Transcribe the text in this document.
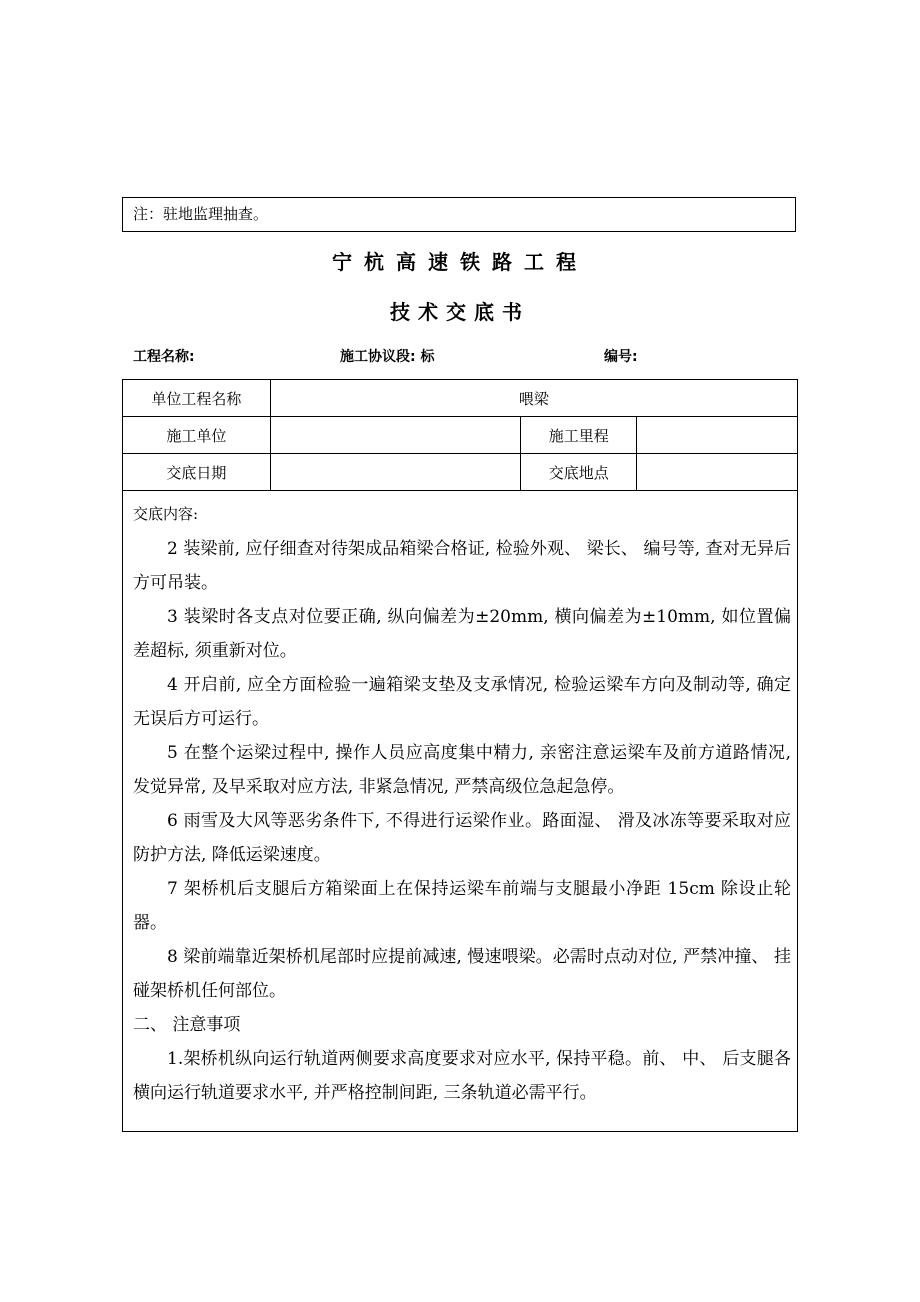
注：驻地监理抽查。
宁杭高速铁路工程
技术交底书
工程名称:	施工协议段: 标	编号:
单位工程名称	喂梁		
施工单位		施工里程	
交底日期		交底地点	
交底内容:

2 装梁前, 应仔细查对待架成品箱梁合格证, 检验外观、 梁长、 编号等, 查对无异后方可吊装。

3 装梁时各支点对位要正确, 纵向偏差为±20mm, 横向偏差为±10mm, 如位置偏差超标, 须重新对位。

4 开启前, 应全方面检验一遍箱梁支垫及支承情况, 检验运梁车方向及制动等, 确定无误后方可运行。

5 在整个运梁过程中, 操作人员应高度集中精力, 亲密注意运梁车及前方道路情况, 发觉异常, 及早采取对应方法, 非紧急情况, 严禁高级位急起急停。

6 雨雪及大风等恶劣条件下, 不得进行运梁作业。路面湿、 滑及冰冻等要采取对应防护方法, 降低运梁速度。

7 架桥机后支腿后方箱梁面上在保持运梁车前端与支腿最小净距 15cm 除设止轮器。

8 梁前端靠近架桥机尾部时应提前减速, 慢速喂梁。必需时点动对位, 严禁冲撞、 挂碰架桥机任何部位。

二、 注意事项

1.架桥机纵向运行轨道两侧要求高度要求对应水平, 保持平稳。前、 中、 后支腿各横向运行轨道要求水平, 并严格控制间距, 三条轨道必需平行。
